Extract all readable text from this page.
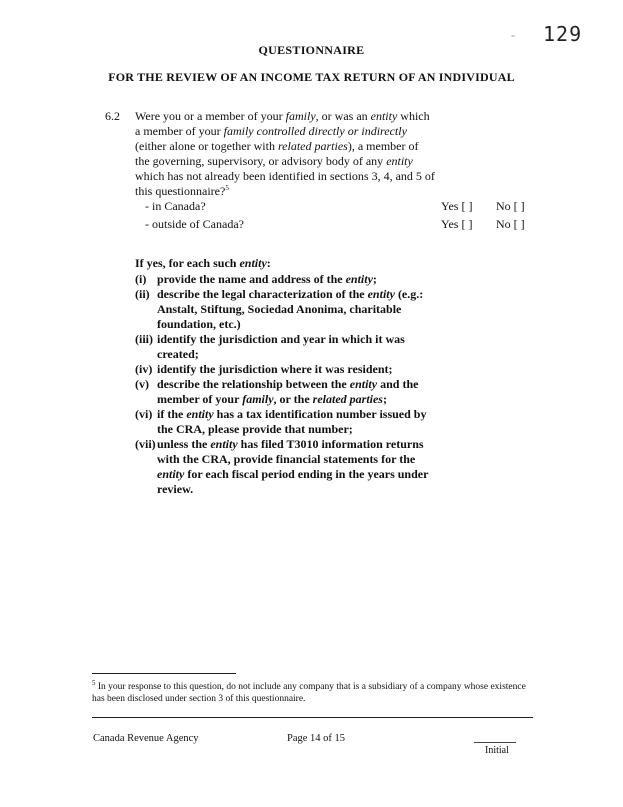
- 129
QUESTIONNAIRE
FOR THE REVIEW OF AN INCOME TAX RETURN OF AN INDIVIDUAL
6.2 Were you or a member of your family, or was an entity which
a member of your family controlled directly or indirectly
(either alone or together with related parties), a member of
the governing, supervisory, or advisory body of any entity
which has not already been identified in sections 3, 4, and 5 of
this questionnaire?$^5$
- in Canada?	Yes [ ] No [ ]
- outside of Canada?	Yes [ ] No [ ]
If yes, for each such entity:
(i) provide the name and address of the entity;
(ii) describe the legal characterization of the entity (e.g.:
Anstalt, Stiftung, Sociedad Anonima, charitable
foundation, etc.)
(iii) identify the jurisdiction and year in which it was
created;
(iv) identify the jurisdiction where it was resident;
(v) describe the relationship between the entity and the
member of your family, or the related parties;
(vi) if the entity has a tax identification number issued by
the CRA, please provide that number;
(vii) unless the entity has filed T3010 information returns
with the CRA, provide financial statements for the
entity for each fiscal period ending in the years under
review.
$^5$ In your response to this question, do not include any company that is a subsidiary of a company whose existence has been disclosed under section 3 of this questionnaire.
Canada Revenue Agency	Page 14 of 15
Initial
